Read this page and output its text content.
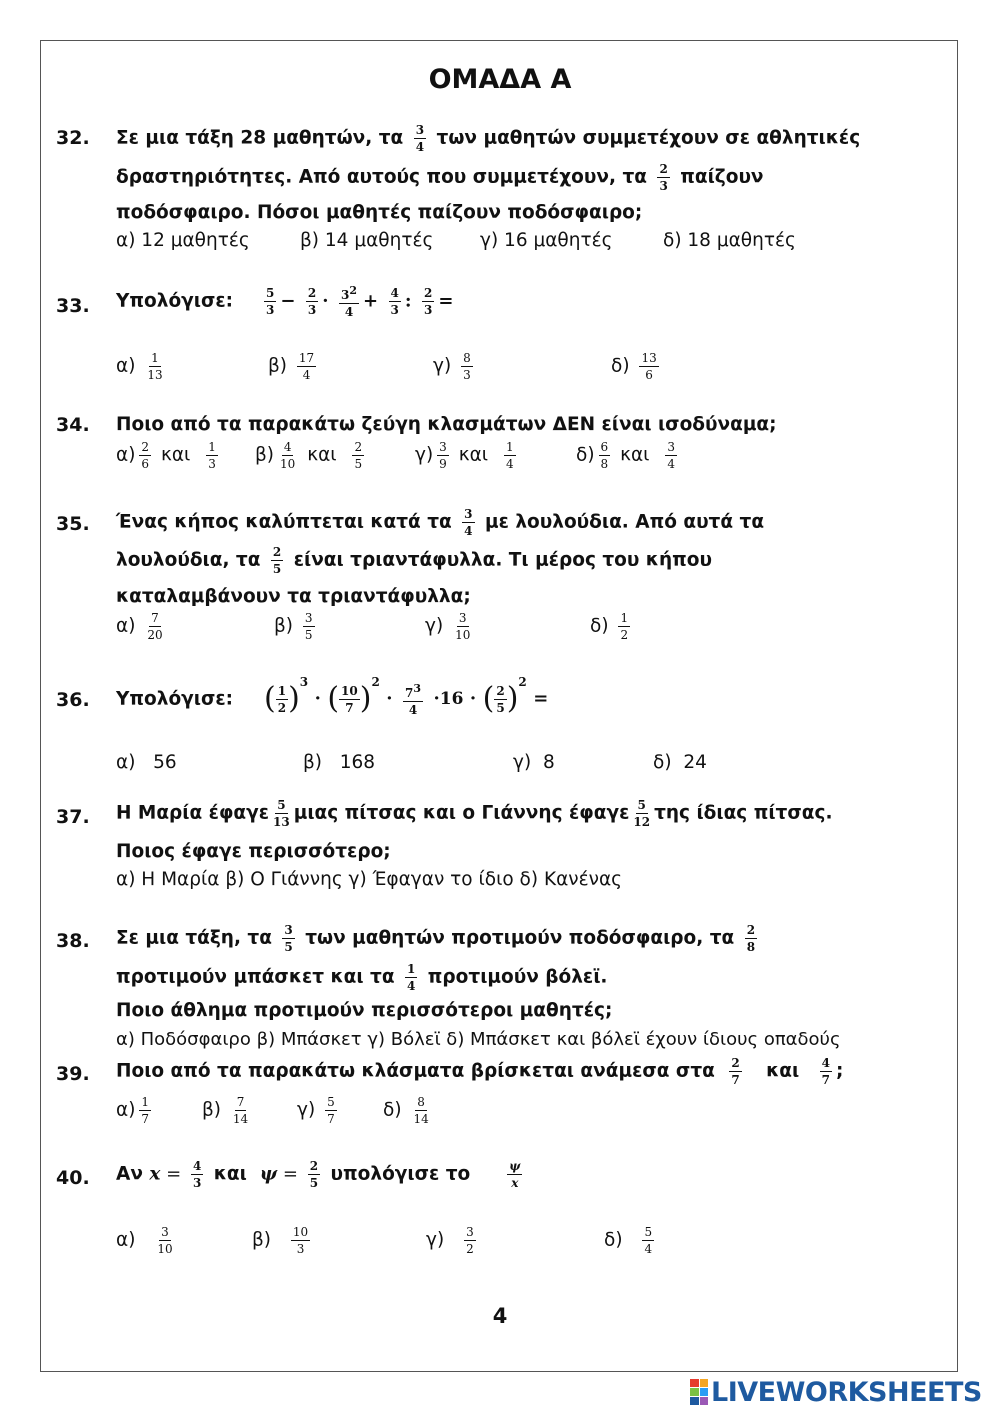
ΟΜΑΔΑ Α
32. Σε μια τάξη 28 μαθητών, τα $\frac{3}{4}$ των μαθητών συμμετέχουν σε αθλητικές
δραστηριότητες. Από αυτούς που συμμετέχουν, τα $\frac{2}{3}$ παίζουν
ποδόσφαιρο. Πόσοι μαθητές παίζουν ποδόσφαιρο;
α) 12 μαθητές	β) 14 μαθητές	γ) 16 μαθητές	δ) 18 μαθητές
33. Υπολόγισε:	$\frac{5}{3} - \frac{2}{3} \cdot \frac{3^2}{4} + \frac{4}{3}$ : $\frac{2}{3}$ =
$\alpha) \frac{1}{13}$	$\beta) \frac{17}{4}$	$\gamma) \frac{8}{3}$	$\delta) \frac{13}{6}$
34. Ποιο από τα παρακάτω ζεύγη κλασμάτων ΔΕΝ είναι ισοδύναμα;
$\alpha) \frac{2}{6}$ και $\frac{1}{3} \beta) \frac{4}{10}$ και $\frac{2}{5}$	$\gamma) \frac{3}{9}$ και $\frac{1}{4}$	$\delta) \frac{6}{8}$ και $\frac{3}{4}$
35. Ένας κήπος καλύπτεται κατά τα $\frac{3}{4}$ με λουλούδια. Από αυτά τα
λουλούδια, τα $\frac{2}{5}$ είναι τριαντάφυλλα. Τι μέρος του κήπου
καταλαμβάνουν τα τριαντάφυλλα;
$\alpha) \frac{7}{20}$	$\beta) \frac{3}{5}$	$\gamma) \frac{3}{10}$	$\delta) \frac{1}{2}$
36. Υπολόγισε: ( $\frac{1}{2} )^3$ · ( $\frac{10}{7} )^2 \cdot \frac{7^3}{4} \cdot 16$ · ( $\frac{2}{5} )^2$ =
α) 56	β) 168	γ) 8	δ) 24
37. Η Μαρία έφαγε $\frac{5}{13}$ μιας πίτσας και ο Γιάννης έφαγε $\frac{5}{12}$ της ίδιας πίτσας.
Ποιος έφαγε περισσότερο;
α) Η Μαρία β) Ο Γιάννης γ) Έφαγαν το ίδιο δ) Κανένας
38. Σε μια τάξη, τα $\frac{3}{5}$ των μαθητών προτιμούν ποδόσφαιρο, τα $\frac{2}{8}$
προτιμούν μπάσκετ και τα $\frac{1}{4}$ προτιμούν βόλεϊ.
Ποιο άθλημα προτιμούν περισσότεροι μαθητές;
α) Ποδόσφαιρο β) Μπάσκετ γ) Βόλεϊ δ) Μπάσκετ και βόλεϊ έχουν ίδιους οπαδούς
39. Ποιο από τα παρακάτω κλάσματα βρίσκεται ανάμεσα στα $\frac{2}{7}$ και $\frac{4}{7}$ ;
$\alpha) \frac{1}{7}$	$\beta) \frac{7}{14}$	$\gamma) \frac{5}{7}$	$\delta) \frac{8}{14}$
40. Αν $x = \frac{4}{3}$ και $\psi = \frac{2}{5}$ υπολόγισε το	$\frac{\psi}{x}$
$\alpha) \frac{3}{10}$	$\beta) \frac{10}{3}$	$\gamma) \frac{3}{2}$	$\delta) \frac{5}{4}$
4
LIVEWORKSHEETS
